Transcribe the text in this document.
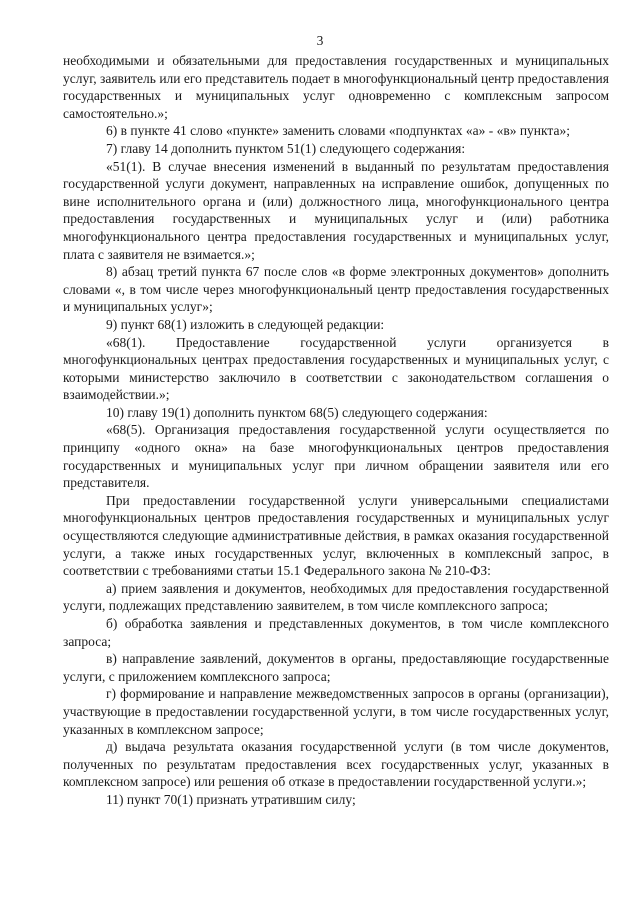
3

необходимыми и обязательными для предоставления государственных и муниципальных услуг, заявитель или его представитель подает в многофункциональный центр предоставления государственных и муниципальных услуг одновременно с комплексным запросом самостоятельно.»;

6) в пункте 41 слово «пункте» заменить словами «подпунктах «а» - «в» пункта»;

7) главу 14 дополнить пунктом 51(1) следующего содержания:

«51(1). В случае внесения изменений в выданный по результатам предоставления государственной услуги документ, направленных на исправление ошибок, допущенных по вине исполнительного органа и (или) должностного лица, многофункционального центра предоставления государственных и муниципальных услуг и (или) работника многофункционального центра предоставления государственных и муниципальных услуг, плата с заявителя не взимается.»;

8) абзац третий пункта 67 после слов «в форме электронных документов» дополнить словами «, в том числе через многофункциональный центр предоставления государственных и муниципальных услуг»;

9) пункт 68(1) изложить в следующей редакции:

«68(1). Предоставление государственной услуги организуется в многофункциональных центрах предоставления государственных и муниципальных услуг, с которыми министерство заключило в соответствии с законодательством соглашения о взаимодействии.»;

10) главу 19(1) дополнить пунктом 68(5) следующего содержания:

«68(5). Организация предоставления государственной услуги осуществляется по принципу «одного окна» на базе многофункциональных центров предоставления государственных и муниципальных услуг при личном обращении заявителя или его представителя.

При предоставлении государственной услуги универсальными специалистами многофункциональных центров предоставления государственных и муниципальных услуг осуществляются следующие административные действия, в рамках оказания государственной услуги, а также иных государственных услуг, включенных в комплексный запрос, в соответствии с требованиями статьи 15.1 Федерального закона № 210-ФЗ:

а) прием заявления и документов, необходимых для предоставления государственной услуги, подлежащих представлению заявителем, в том числе комплексного запроса;

б) обработка заявления и представленных документов, в том числе комплексного запроса;

в) направление заявлений, документов в органы, предоставляющие государственные услуги, с приложением комплексного запроса;

г) формирование и направление межведомственных запросов в органы (организации), участвующие в предоставлении государственной услуги, в том числе государственных услуг, указанных в комплексном запросе;

д) выдача результата оказания государственной услуги (в том числе документов, полученных по результатам предоставления всех государственных услуг, указанных в комплексном запросе) или решения об отказе в предоставлении государственной услуги.»;

11) пункт 70(1) признать утратившим силу;
